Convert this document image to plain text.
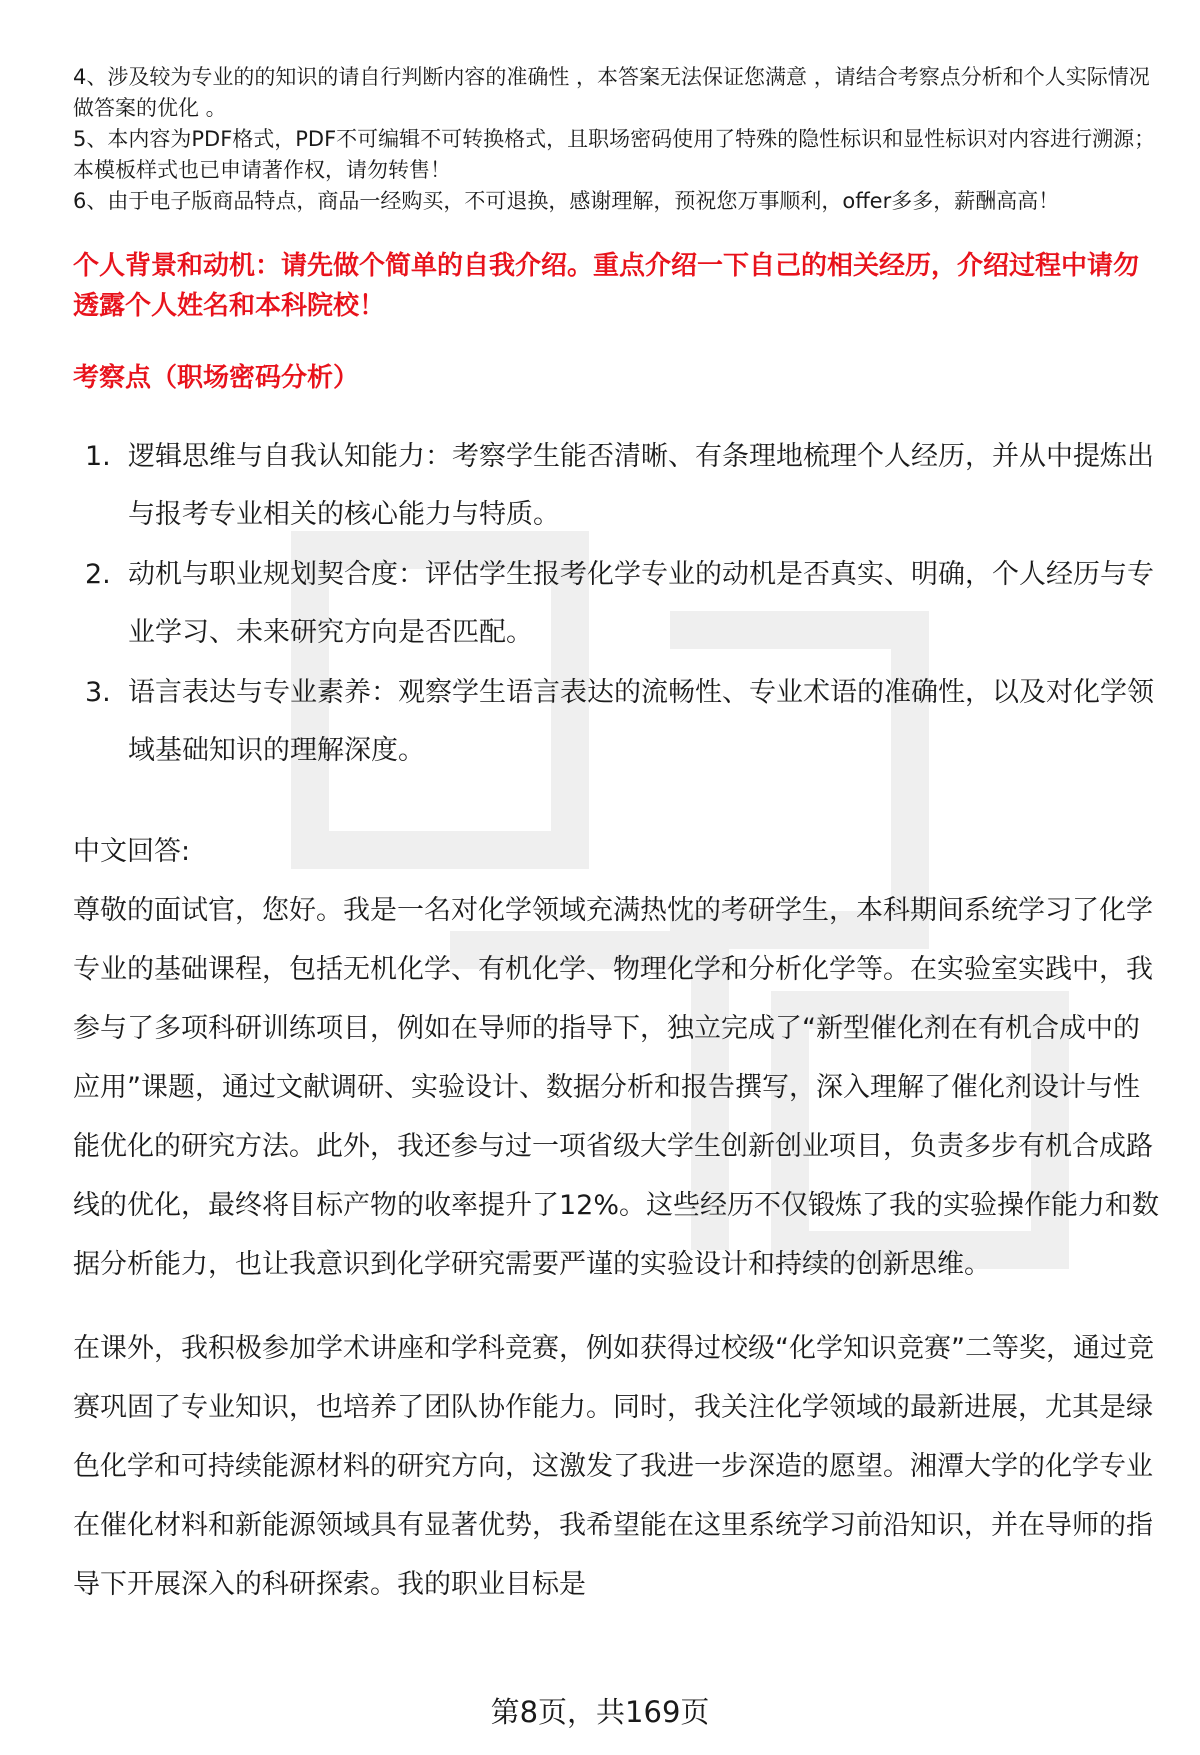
4、涉及较为专业的的知识的请自行判断内容的准确性 ，本答案无法保证您满意 ，请结合考察点分析和个人实际情况做答案的优化 。

5、本内容为PDF格式，PDF不可编辑不可转换格式，且职场密码使用了特殊的隐性标识和显性标识对内容进行溯源；本模板样式也已申请著作权，请勿转售！

6、由于电子版商品特点，商品一经购买，不可退换，感谢理解，预祝您万事顺利，offer多多，薪酬高高！

个人背景和动机：请先做个简单的自我介绍。重点介绍一下自己的相关经历，介绍过程中请勿透露个人姓名和本科院校！

考察点（职场密码分析）

1. 逻辑思维与自我认知能力：考察学生能否清晰、有条理地梳理个人经历，并从中提炼出与报考专业相关的核心能力与特质。
2. 动机与职业规划契合度：评估学生报考化学专业的动机是否真实、明确，个人经历与专业学习、未来研究方向是否匹配。
3. 语言表达与专业素养：观察学生语言表达的流畅性、专业术语的准确性，以及对化学领域基础知识的理解深度。

中文回答:

尊敬的面试官，您好。我是一名对化学领域充满热忱的考研学生，本科期间系统学习了化学专业的基础课程，包括无机化学、有机化学、物理化学和分析化学等。在实验室实践中，我参与了多项科研训练项目，例如在导师的指导下，独立完成了“新型催化剂在有机合成中的应用”课题，通过文献调研、实验设计、数据分析和报告撰写，深入理解了催化剂设计与性能优化的研究方法。此外，我还参与过一项省级大学生创新创业项目，负责多步有机合成路线的优化，最终将目标产物的收率提升了12%。这些经历不仅锻炼了我的实验操作能力和数据分析能力，也让我意识到化学研究需要严谨的实验设计和持续的创新思维。

在课外，我积极参加学术讲座和学科竞赛，例如获得过校级“化学知识竞赛”二等奖，通过竞赛巩固了专业知识，也培养了团队协作能力。同时，我关注化学领域的最新进展，尤其是绿色化学和可持续能源材料的研究方向，这激发了我进一步深造的愿望。湘潭大学的化学专业在催化材料和新能源领域具有显著优势，我希望能在这里系统学习前沿知识，并在导师的指导下开展深入的科研探索。我的职业目标是

第8页，共169页
